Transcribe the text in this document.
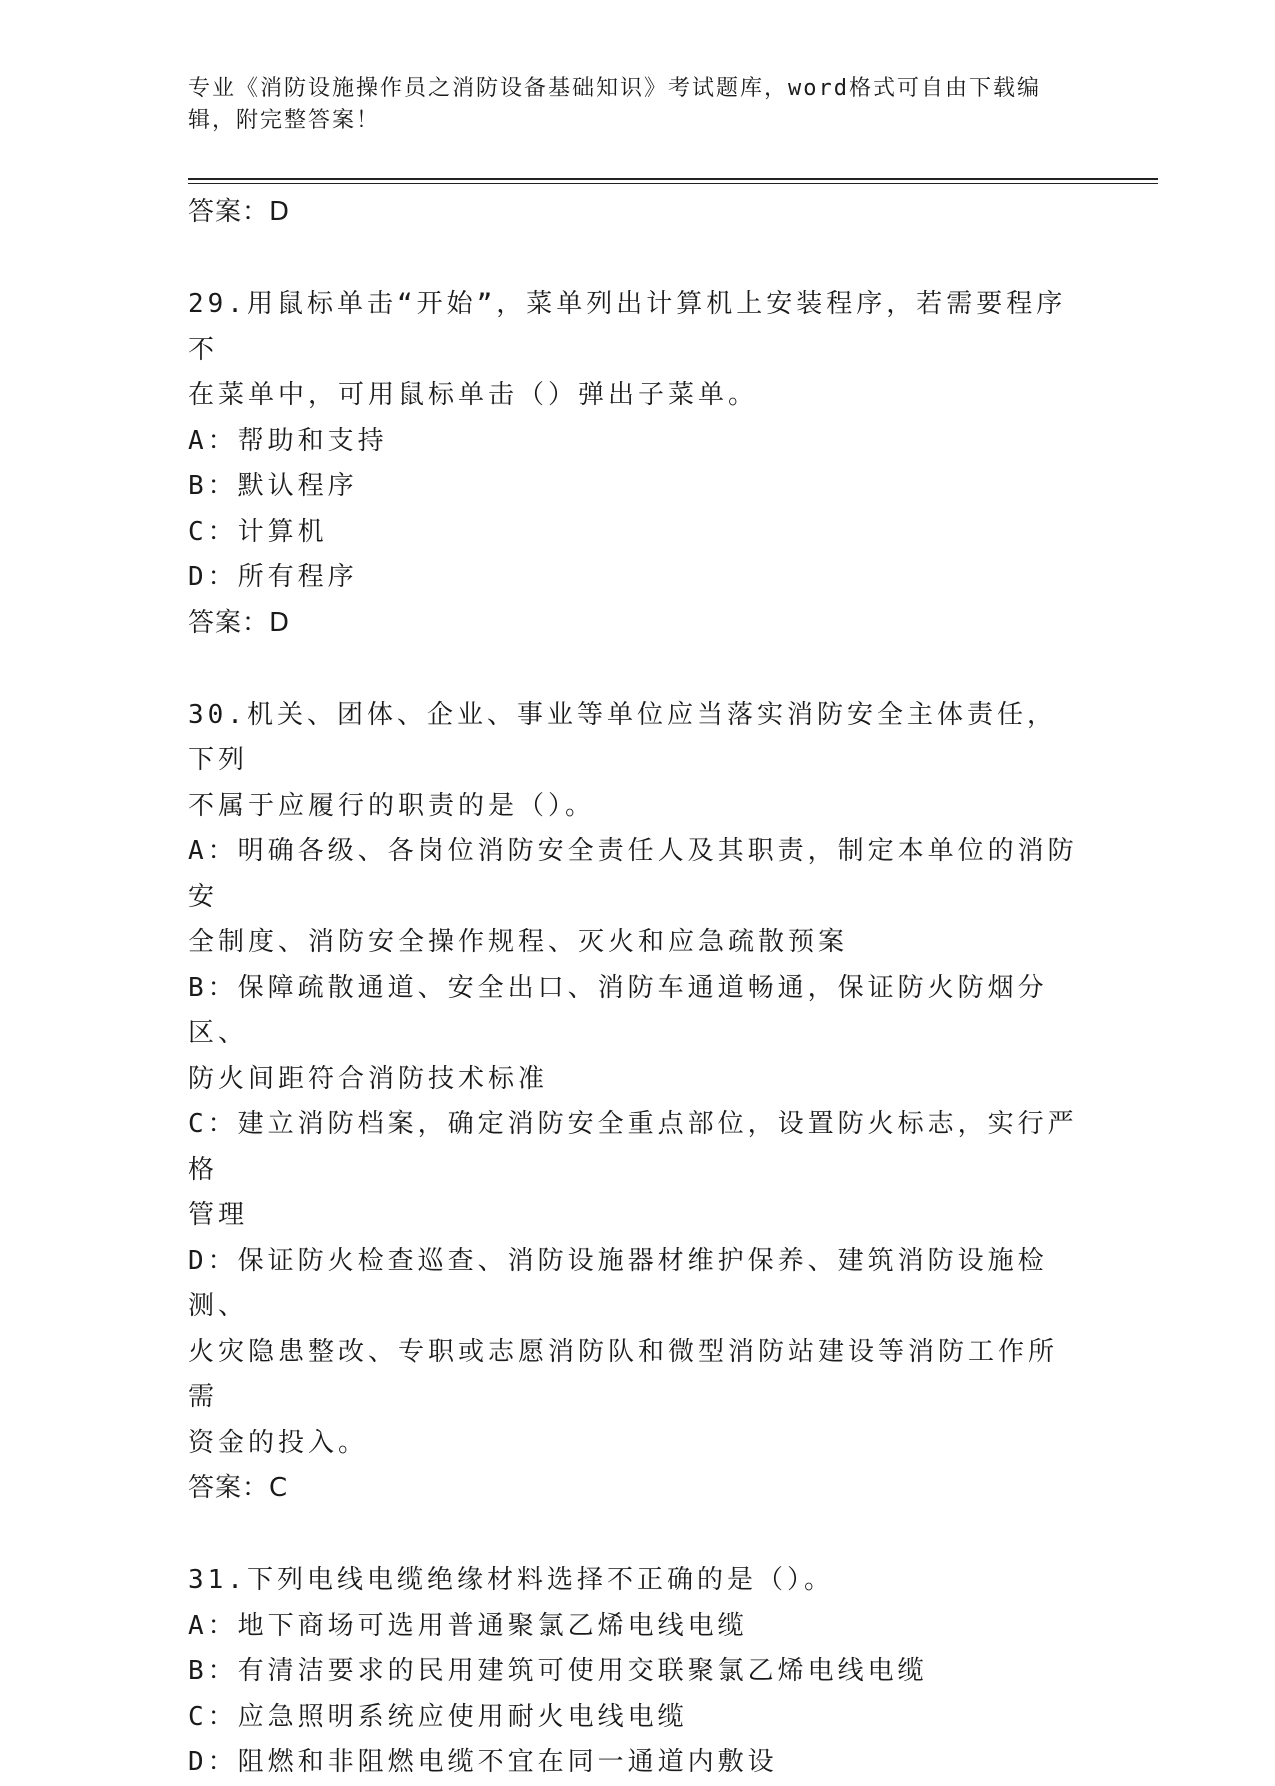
专业《消防设施操作员之消防设备基础知识》考试题库，word格式可自由下载编辑，附完整答案！
答案：D
29.用鼠标单击“开始”，菜单列出计算机上安装程序，若需要程序不
在菜单中，可用鼠标单击（）弹出子菜单。
A：帮助和支持
B：默认程序
C：计算机
D：所有程序
答案：D
30.机关、团体、企业、事业等单位应当落实消防安全主体责任，下列
不属于应履行的职责的是（）。
A：明确各级、各岗位消防安全责任人及其职责，制定本单位的消防安
全制度、消防安全操作规程、灭火和应急疏散预案
B：保障疏散通道、安全出口、消防车通道畅通，保证防火防烟分区、
防火间距符合消防技术标准
C：建立消防档案，确定消防安全重点部位，设置防火标志，实行严格
管理
D：保证防火检查巡查、消防设施器材维护保养、建筑消防设施检测、
火灾隐患整改、专职或志愿消防队和微型消防站建设等消防工作所需
资金的投入。
答案：C
31.下列电线电缆绝缘材料选择不正确的是（）。
A：地下商场可选用普通聚氯乙烯电线电缆
B：有清洁要求的民用建筑可使用交联聚氯乙烯电线电缆
C：应急照明系统应使用耐火电线电缆
D：阻燃和非阻燃电缆不宜在同一通道内敷设
